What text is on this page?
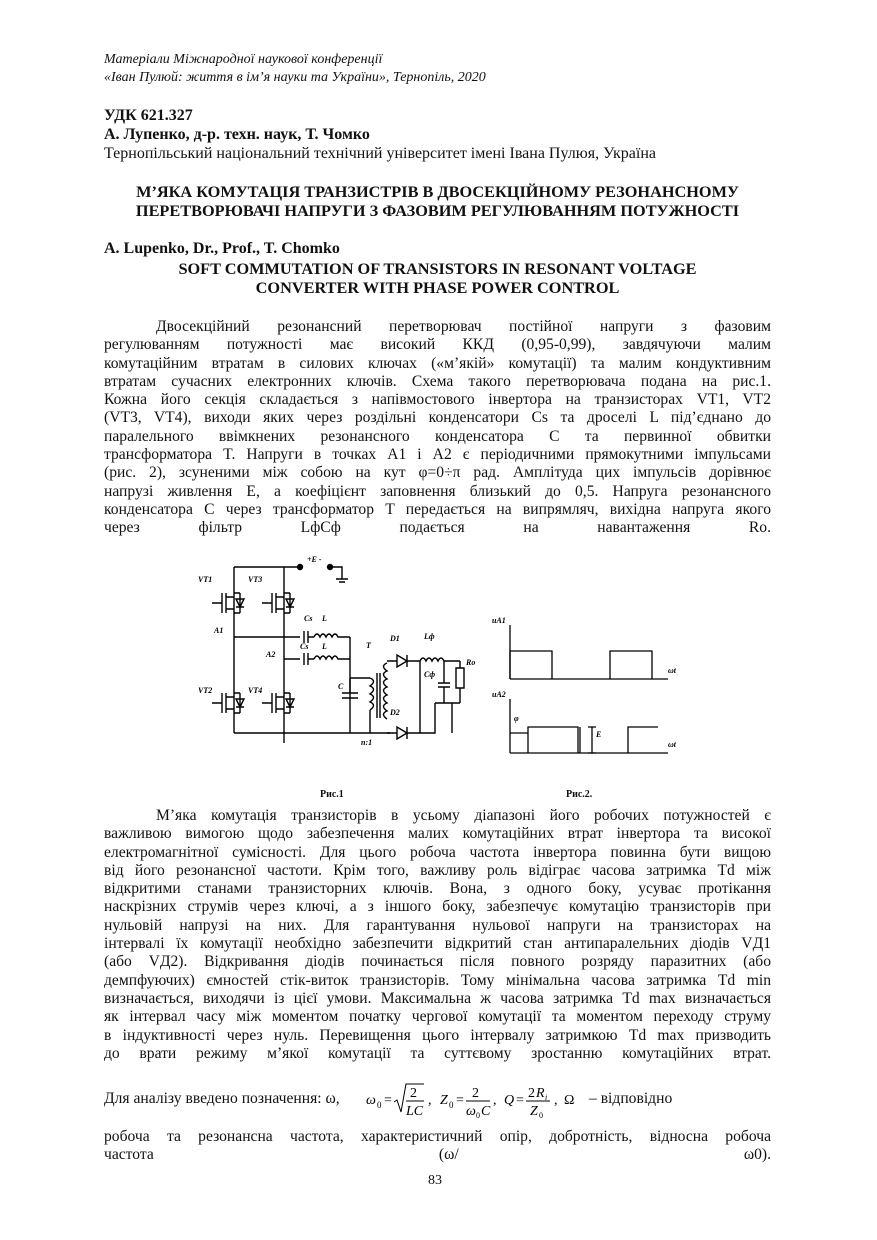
Матеріали Міжнародної наукової конференції
«Іван Пулюй: життя в ім’я науки та України», Тернопіль, 2020
УДК 621.327
А. Лупенко, д-р. техн. наук, Т. Чомко
Тернопільський національний технічний університет імені Івана Пулюя, Україна
М’ЯКА КОМУТАЦІЯ ТРАНЗИСТРІВ В ДВОСЕКЦІЙНОМУ РЕЗОНАНСНОМУ
ПЕРЕТВОРЮВАЧІ НАПРУГИ З ФАЗОВИМ РЕГУЛЮВАННЯМ ПОТУЖНОСТІ
A. Lupenko, Dr., Prof., T. Chomko
SOFT COMMUTATION OF TRANSISTORS IN RESONANT VOLTAGE
CONVERTER WITH PHASE POWER CONTROL
Двосекційний резонансний перетворювач постійної напруги з фазовим
регулюванням потужності має високий ККД (0,95-0,99), завдячуючи малим
комутаційним втратам в силових ключах («м’якій» комутації) та малим кондуктивним
втратам сучасних електронних ключів. Схема такого перетворювача подана на рис.1.
Кожна його секція складається з напівмостового інвертора на транзисторах VT1, VT2
(VT3, VT4), виходи яких через роздільні конденсатори Cs та дроселі L під’єднано до
паралельного ввімкнених резонансного конденсатора C та первинної обвитки
трансформатора T. Напруги в точках A1 і A2 є періодичними прямокутними імпульсами
(рис. 2), зсуненими між собою на кут φ=0÷π рад. Амплітуда цих імпульсів дорівнює
напрузі живлення E, а коефіцієнт заповнення близький до 0,5. Напруга резонансного
конденсатора C через трансформатор T передається на випрямляч, вихідна напруга якого
через фільтр LфCф подається на навантаження Ro.
VT1	VT3
VT2	VT4
+E -
A1
A2
Cs L
Cs L
C
T
D1
D2
Lф
Cф
Ro
n:1
Рис.1
uA1
ωt
uA2
ωt
φ
E
Рис.2.
М’яка комутація транзисторів в усьому діапазоні його робочих потужностей є
важливою вимогою щодо забезпечення малих комутаційних втрат інвертора та високої
електромагнітної сумісності. Для цього робоча частота інвертора повинна бути вищою
від його резонансної частоти. Крім того, важливу роль відіграє часова затримка Td між
відкритими станами транзисторних ключів. Вона, з одного боку, усуває протікання
наскрізних струмів через ключі, а з іншого боку, забезпечує комутацію транзисторів при
нульовій напрузі на них. Для гарантування нульової напруги на транзисторах на
інтервалі їх комутації необхідно забезпечити відкритий стан антипаралельних діодів VД1
(або VД2). Відкривання діодів починається після повного розряду паразитних (або
демпфуючих) ємностей стік-виток транзисторів. Тому мінімальна часова затримка Td min
визначається, виходячи із цієї умови. Максимальна ж часова затримка Td max визначається
як інтервал часу між моментом початку чергової комутації та моментом переходу струму
в індуктивності через нуль. Перевищення цього інтервалу затримкою Td max призводить
до врати режиму м’якої комутації та суттєвому зростанню комутаційних втрат.
Для аналізу введено позначення: ω, ω 0 = 2
LC
, Z 0 = 2
ω 0 C
, Q = 2 R i
Z 0
, Ω – відповідно
робоча та резонансна частота, характеристичний опір, добротність, відносна робоча
частота (ω/ ω0).
83
